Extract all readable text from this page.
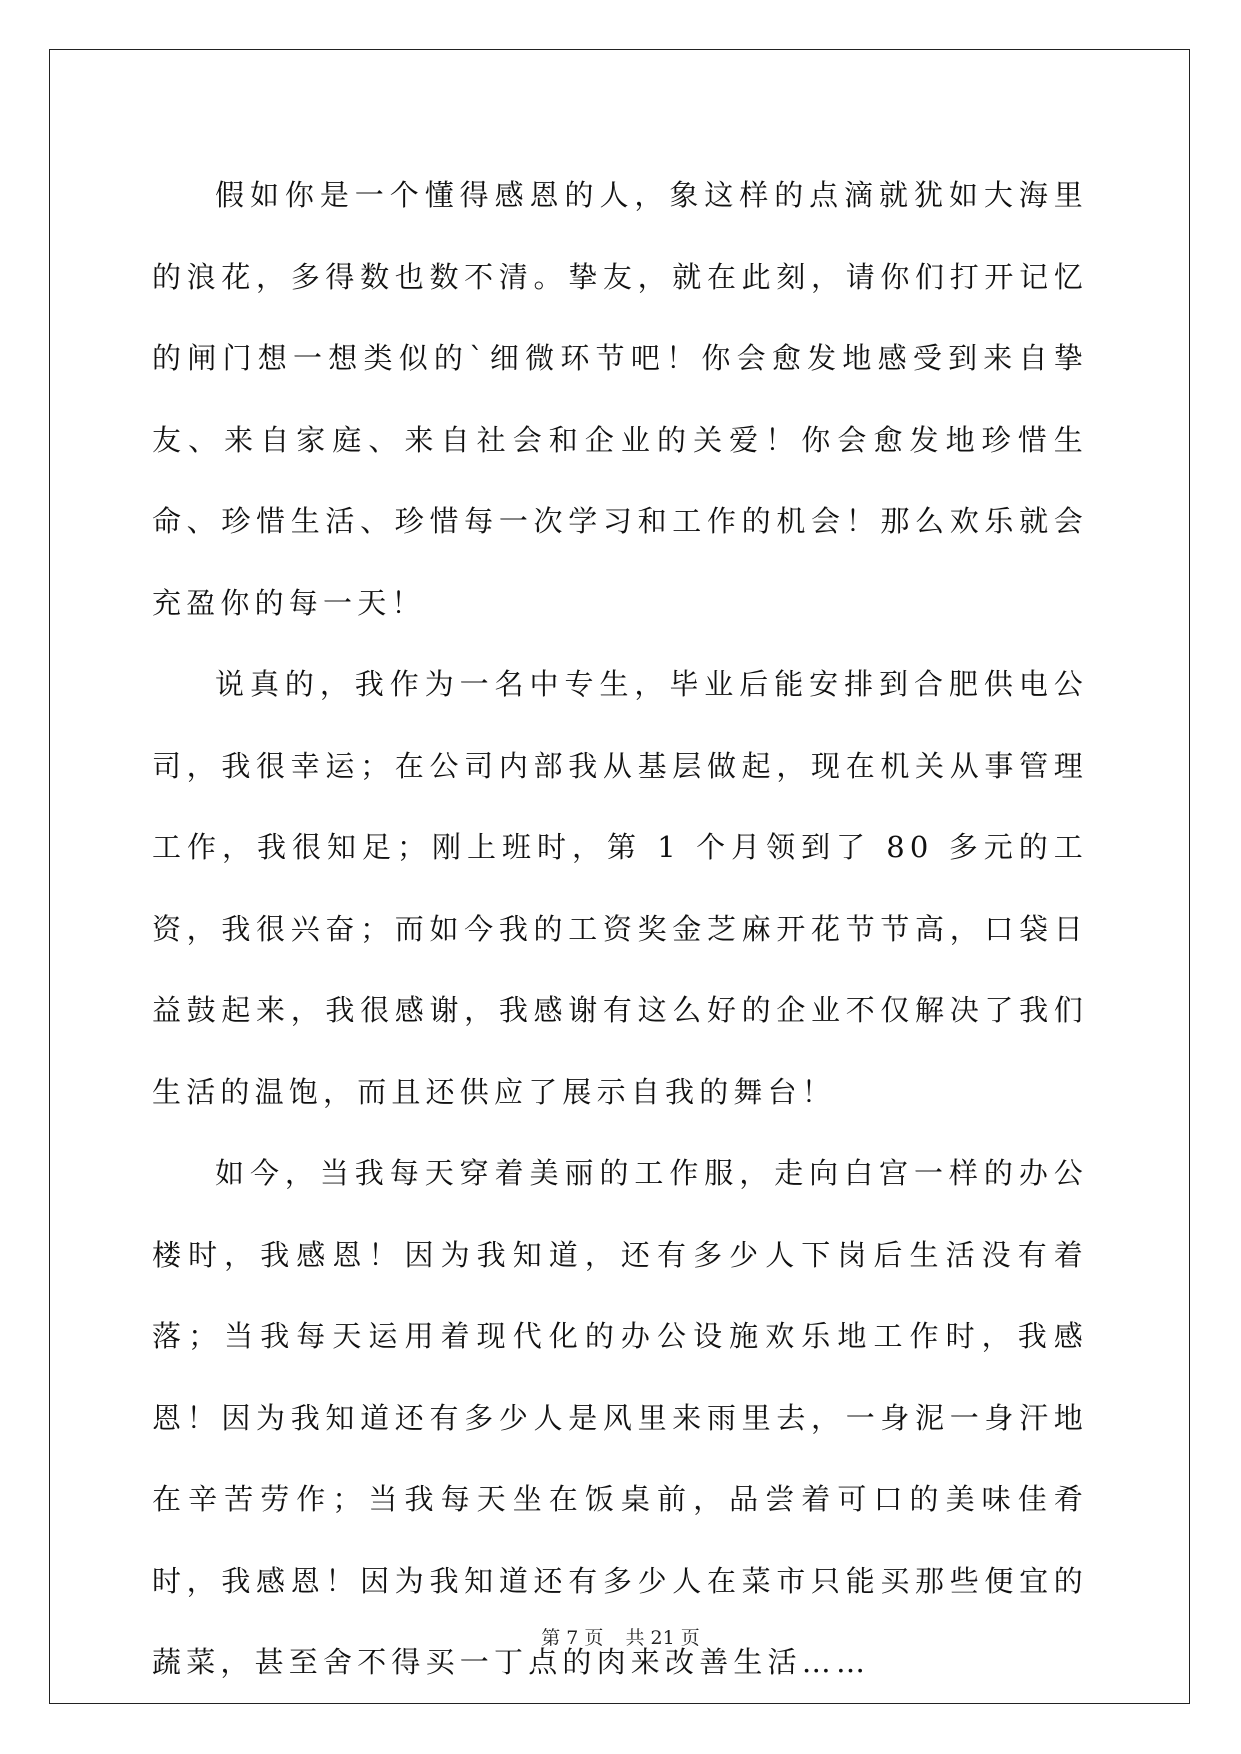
假如你是一个懂得感恩的人，象这样的点滴就犹如大海里的浪花，多得数也数不清。挚友，就在此刻，请你们打开记忆的闸门想一想类似的`细微环节吧！你会愈发地感受到来自挚友、来自家庭、来自社会和企业的关爱！你会愈发地珍惜生命、珍惜生活、珍惜每一次学习和工作的机会！那么欢乐就会充盈你的每一天！

说真的，我作为一名中专生，毕业后能安排到合肥供电公司，我很幸运；在公司内部我从基层做起，现在机关从事管理工作，我很知足；刚上班时，第 1 个月领到了 80 多元的工资，我很兴奋；而如今我的工资奖金芝麻开花节节高，口袋日益鼓起来，我很感谢，我感谢有这么好的企业不仅解决了我们生活的温饱，而且还供应了展示自我的舞台！

如今，当我每天穿着美丽的工作服，走向白宫一样的办公楼时，我感恩！因为我知道，还有多少人下岗后生活没有着落；当我每天运用着现代化的办公设施欢乐地工作时，我感恩！因为我知道还有多少人是风里来雨里去，一身泥一身汗地在辛苦劳作；当我每天坐在饭桌前，品尝着可口的美味佳肴时，我感恩！因为我知道还有多少人在菜市只能买那些便宜的蔬菜，甚至舍不得买一丁点的肉来改善生活……

第 7 页 共 21 页
